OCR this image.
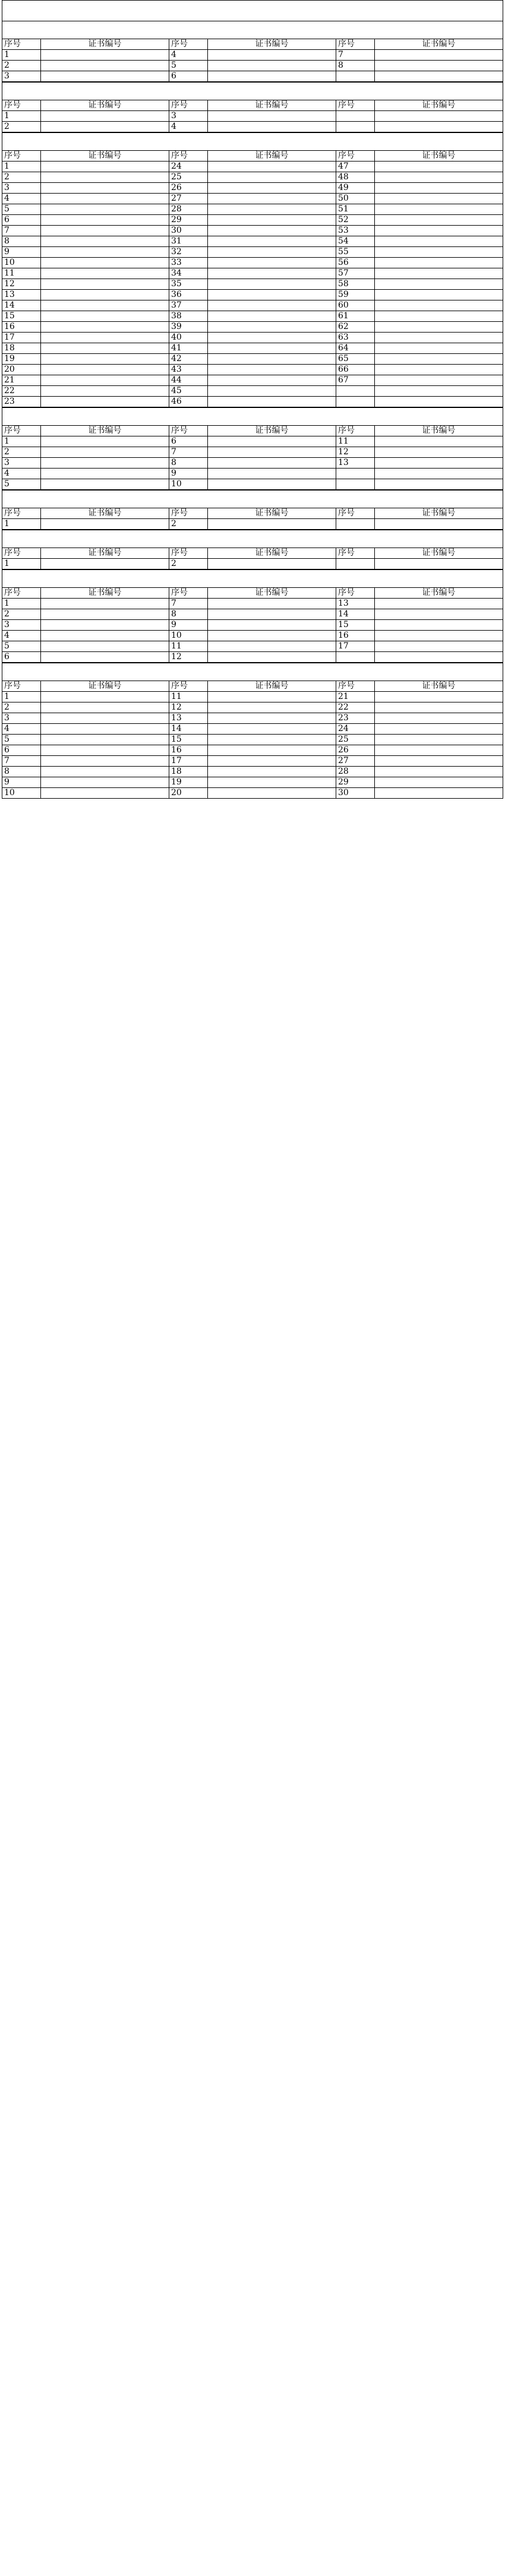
序号	证书编号	序号	证书编号	序号	证书编号
1		4		7	
2		5		8	
3		6			
序号	证书编号	序号	证书编号	序号	证书编号
1		3			
2		4			
序号	证书编号	序号	证书编号	序号	证书编号
1		24		47	
2		25		48	
3		26		49	
4		27		50	
5		28		51	
6		29		52	
7		30		53	
8		31		54	
9		32		55	
10		33		56	
11		34		57	
12		35		58	
13		36		59	
14		37		60	
15		38		61	
16		39		62	
17		40		63	
18		41		64	
19		42		65	
20		43		66	
21		44		67	
22		45			
23		46			
序号	证书编号	序号	证书编号	序号	证书编号
1		6		11	
2		7		12	
3		8		13	
4		9			
5		10			
序号	证书编号	序号	证书编号	序号	证书编号
1		2			
序号	证书编号	序号	证书编号	序号	证书编号
1		2			
序号	证书编号	序号	证书编号	序号	证书编号
1		7		13	
2		8		14	
3		9		15	
4		10		16	
5		11		17	
6		12			
序号	证书编号	序号	证书编号	序号	证书编号
1		11		21	
2		12		22	
3		13		23	
4		14		24	
5		15		25	
6		16		26	
7		17		27	
8		18		28	
9		19		29	
10		20		30	
